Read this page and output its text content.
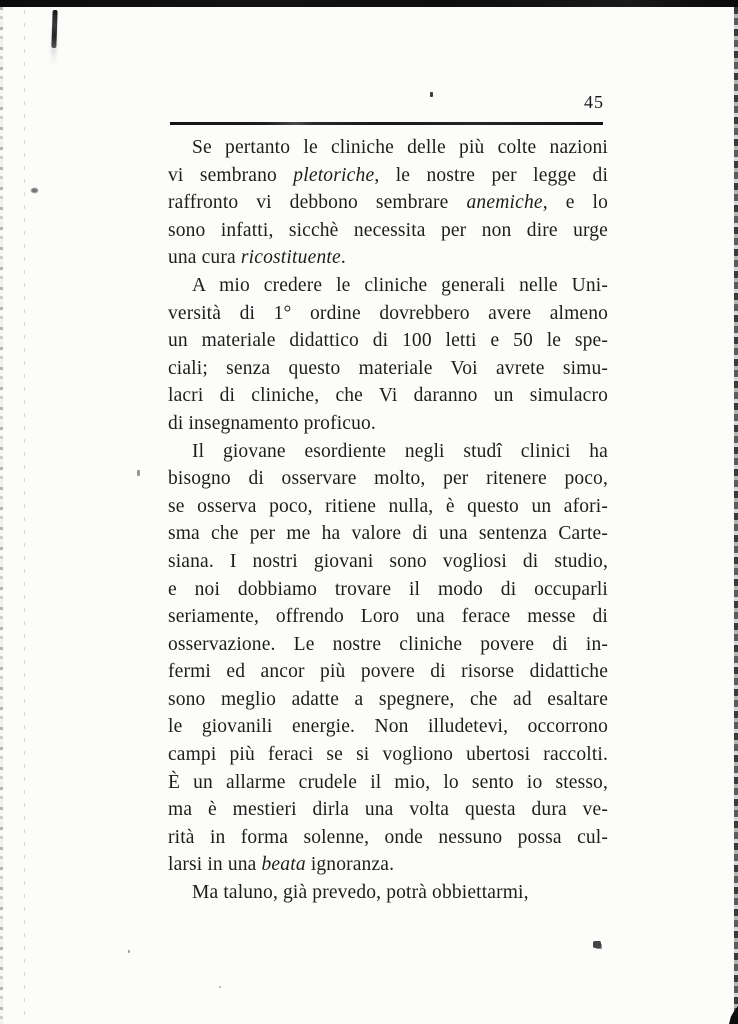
45
Se pertanto le cliniche delle più colte nazioni
vi sembrano pletoriche, le nostre per legge di
raffronto vi debbono sembrare anemiche, e lo
sono infatti, sicchè necessita per non dire urge
una cura ricostituente.
A mio credere le cliniche generali nelle Uni-
versità di 1° ordine dovrebbero avere almeno
un materiale didattico di 100 letti e 50 le spe-
ciali; senza questo materiale Voi avrete simu-
lacri di cliniche, che Vi daranno un simulacro
di insegnamento proficuo.
Il giovane esordiente negli studî clinici ha
bisogno di osservare molto, per ritenere poco,
se osserva poco, ritiene nulla, è questo un afori-
sma che per me ha valore di una sentenza Carte-
siana. I nostri giovani sono vogliosi di studio,
e noi dobbiamo trovare il modo di occuparli
seriamente, offrendo Loro una ferace messe di
osservazione. Le nostre cliniche povere di in-
fermi ed ancor più povere di risorse didattiche
sono meglio adatte a spegnere, che ad esaltare
le giovanili energie. Non illudetevi, occorrono
campi più feraci se si vogliono ubertosi raccolti.
È un allarme crudele il mio, lo sento io stesso,
ma è mestieri dirla una volta questa dura ve-
rità in forma solenne, onde nessuno possa cul-
larsi in una beata ignoranza.
Ma taluno, già prevedo, potrà obbiettarmi,
